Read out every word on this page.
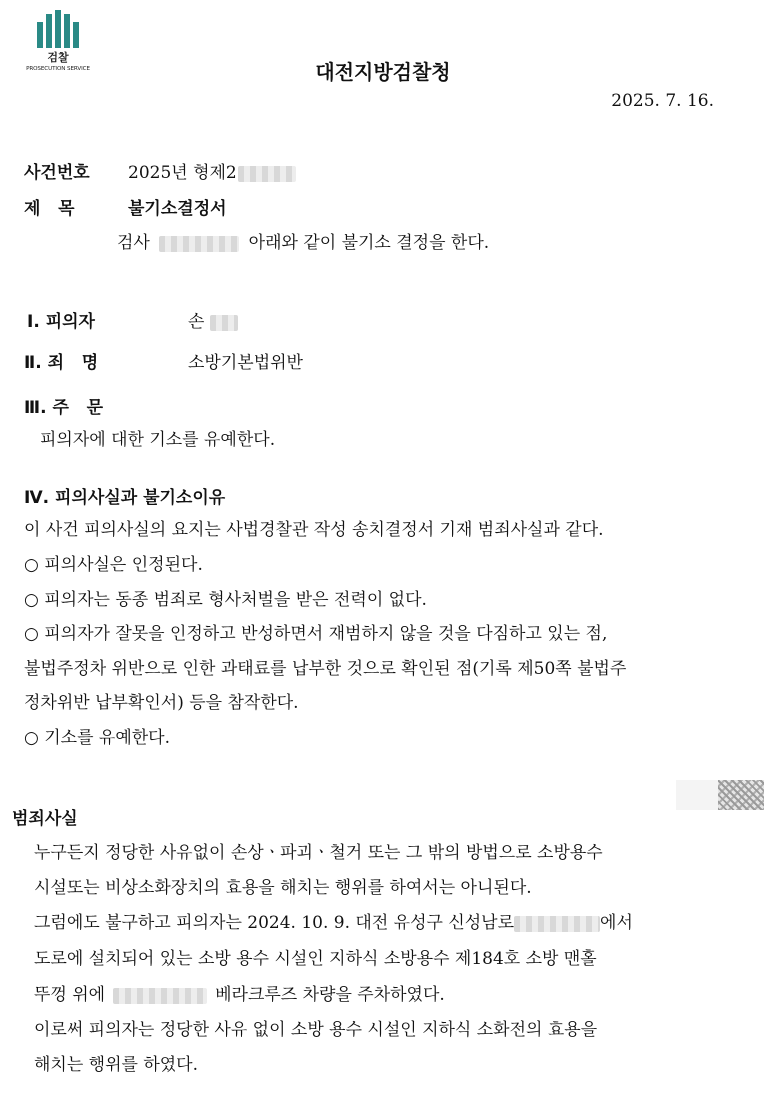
검찰
PROSECUTION SERVICE	대전지방검찰청
2025. 7. 16.
사건번호 2025년 형제2
제   목	불기소결정서
검사	아래와 같이 불기소 결정을 한다.
Ⅰ. 피의자	손
Ⅱ. 죄   명	소방기본법위반
Ⅲ. 주   문
피의자에 대한 기소를 유예한다.
Ⅳ. 피의사실과 불기소이유
이 사건 피의사실의 요지는 사법경찰관 작성 송치결정서 기재 범죄사실과 같다.
○ 피의사실은 인정된다.
○ 피의자는 동종 범죄로 형사처벌을 받은 전력이 없다.
○ 피의자가 잘못을 인정하고 반성하면서 재범하지 않을 것을 다짐하고 있는 점,
불법주정차 위반으로 인한 과태료를 납부한 것으로 확인된 점(기록 제50쪽 불법주
정차위반 납부확인서) 등을 참작한다.
○ 기소를 유예한다.
범죄사실
누구든지 정당한 사유없이 손상ㆍ파괴ㆍ철거 또는 그 밖의 방법으로 소방용수
시설또는 비상소화장치의 효용을 해치는 행위를 하여서는 아니된다.
그럼에도 불구하고 피의자는 2024. 10. 9. 대전 유성구 신성남로	에서
도로에 설치되어 있는 소방 용수 시설인 지하식 소방용수 제184호 소방 맨홀
뚜껑 위에	베라크루즈 차량을 주차하였다.
이로써 피의자는 정당한 사유 없이 소방 용수 시설인 지하식 소화전의 효용을
해치는 행위를 하였다.
